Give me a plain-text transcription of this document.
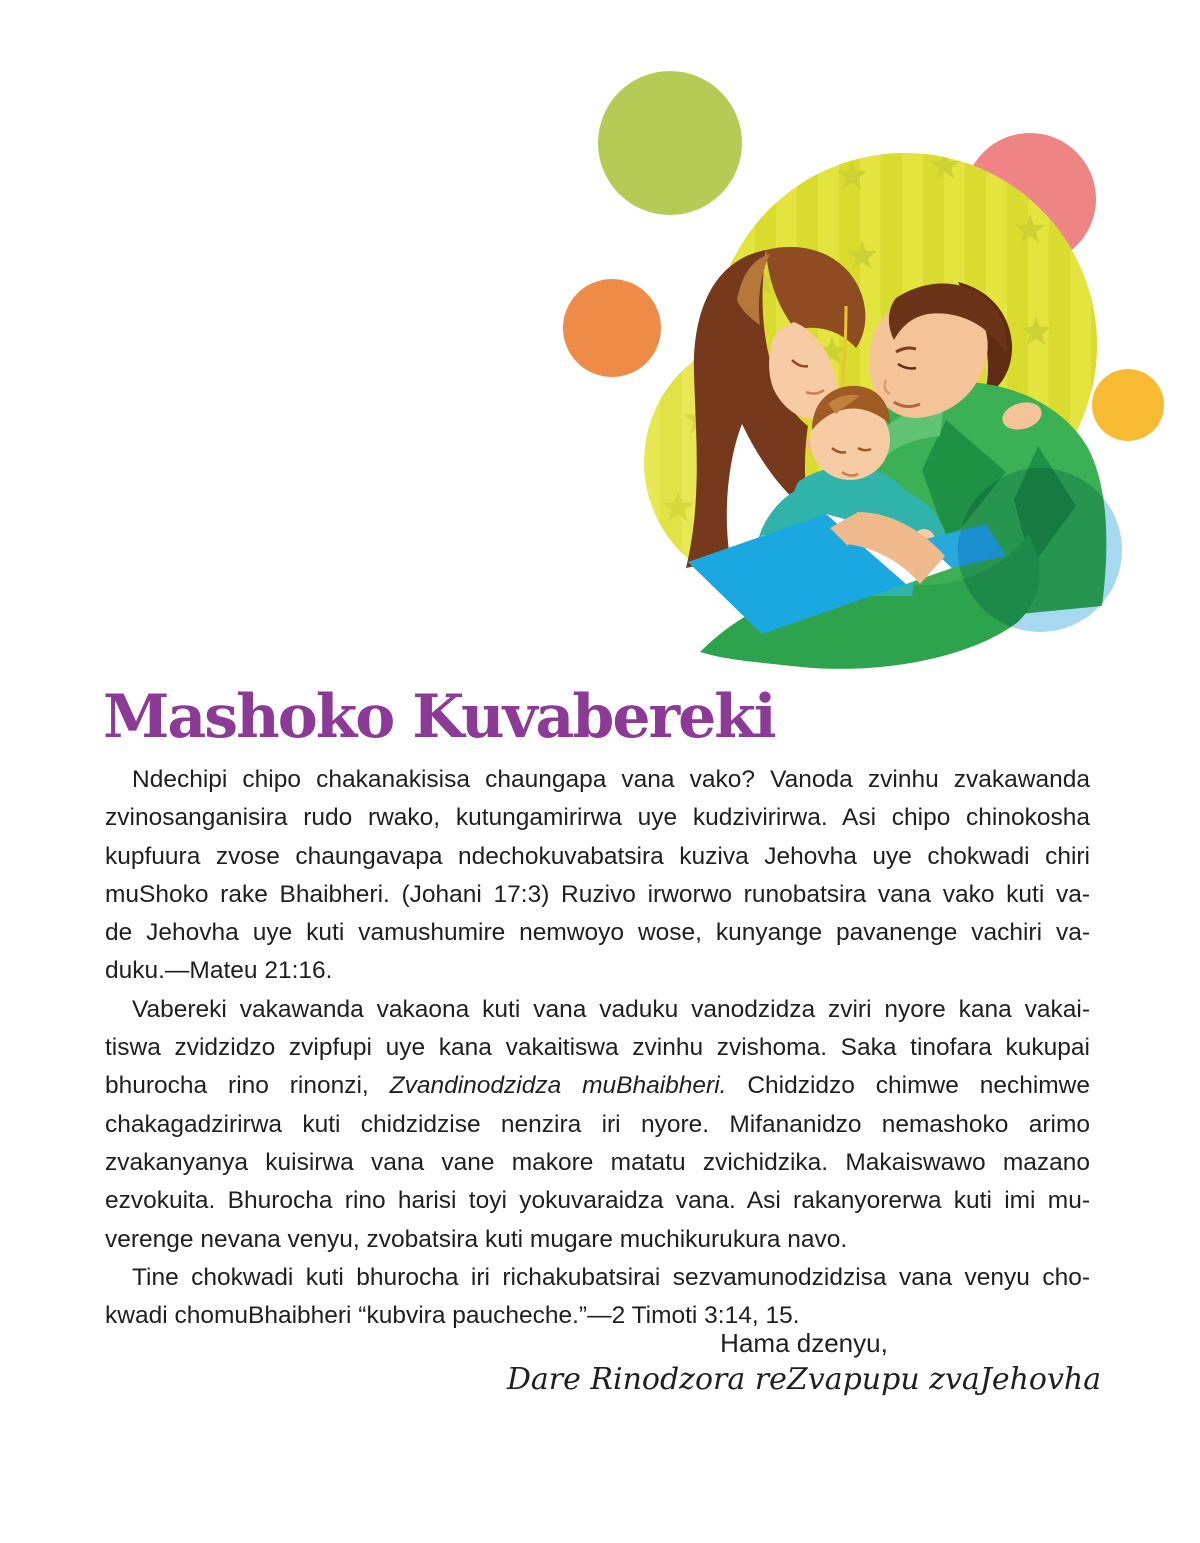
Mashoko Kuvabereki
Ndechipi chipo chakanakisisa chaungapa vana vako? Vanoda zvinhu zvakawanda
zvinosanganisira rudo rwako, kutungamirirwa uye kudzivirirwa. Asi chipo chinokosha
kupfuura zvose chaungavapa ndechokuvabatsira kuziva Jehovha uye chokwadi chiri
muShoko rake Bhaibheri. (Johani 17:3) Ruzivo irworwo runobatsira vana vako kuti va-
de Jehovha uye kuti vamushumire nemwoyo wose, kunyange pavanenge vachiri va-
duku.—Mateu 21:16.
Vabereki vakawanda vakaona kuti vana vaduku vanodzidza zviri nyore kana vakai-
tiswa zvidzidzo zvipfupi uye kana vakaitiswa zvinhu zvishoma. Saka tinofara kukupai
bhurocha rino rinonzi, Zvandinodzidza muBhaibheri. Chidzidzo chimwe nechimwe
chakagadzirirwa kuti chidzidzise nenzira iri nyore. Mifananidzo nemashoko arimo
zvakanyanya kuisirwa vana vane makore matatu zvichidzika. Makaiswawo mazano
ezvokuita. Bhurocha rino harisi toyi yokuvaraidza vana. Asi rakanyorerwa kuti imi mu-
verenge nevana venyu, zvobatsira kuti mugare muchikurukura navo.
Tine chokwadi kuti bhurocha iri richakubatsirai sezvamunodzidzisa vana venyu cho-
kwadi chomuBhaibheri “kubvira paucheche.”—2 Timoti 3:14, 15.
Hama dzenyu,
Dare Rinodzora reZvapupu zvaJehovha
